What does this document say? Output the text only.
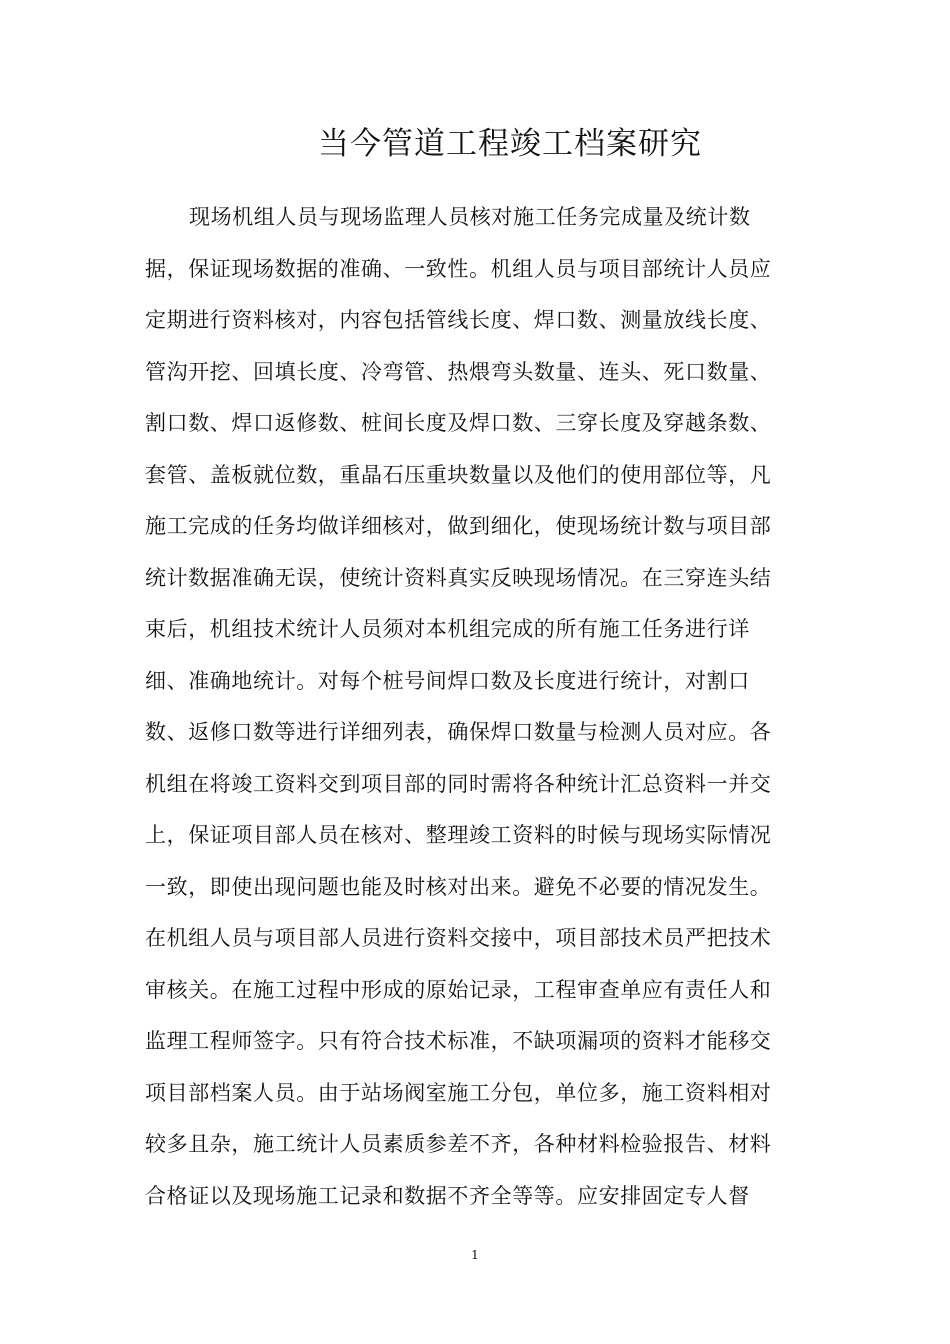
当今管道工程竣工档案研究
现场机组人员与现场监理人员核对施工任务完成量及统计数
据，保证现场数据的准确、一致性。机组人员与项目部统计人员应
定期进行资料核对，内容包括管线长度、焊口数、测量放线长度、
管沟开挖、回填长度、冷弯管、热煨弯头数量、连头、死口数量、
割口数、焊口返修数、桩间长度及焊口数、三穿长度及穿越条数、
套管、盖板就位数，重晶石压重块数量以及他们的使用部位等，凡
施工完成的任务均做详细核对，做到细化，使现场统计数与项目部
统计数据准确无误，使统计资料真实反映现场情况。在三穿连头结
束后，机组技术统计人员须对本机组完成的所有施工任务进行详
细、准确地统计。对每个桩号间焊口数及长度进行统计，对割口
数、返修口数等进行详细列表，确保焊口数量与检测人员对应。各
机组在将竣工资料交到项目部的同时需将各种统计汇总资料一并交
上，保证项目部人员在核对、整理竣工资料的时候与现场实际情况
一致，即使出现问题也能及时核对出来。避免不必要的情况发生。
在机组人员与项目部人员进行资料交接中，项目部技术员严把技术
审核关。在施工过程中形成的原始记录，工程审查单应有责任人和
监理工程师签字。只有符合技术标准，不缺项漏项的资料才能移交
项目部档案人员。由于站场阀室施工分包，单位多，施工资料相对
较多且杂，施工统计人员素质参差不齐，各种材料检验报告、材料
合格证以及现场施工记录和数据不齐全等等。应安排固定专人督
1
